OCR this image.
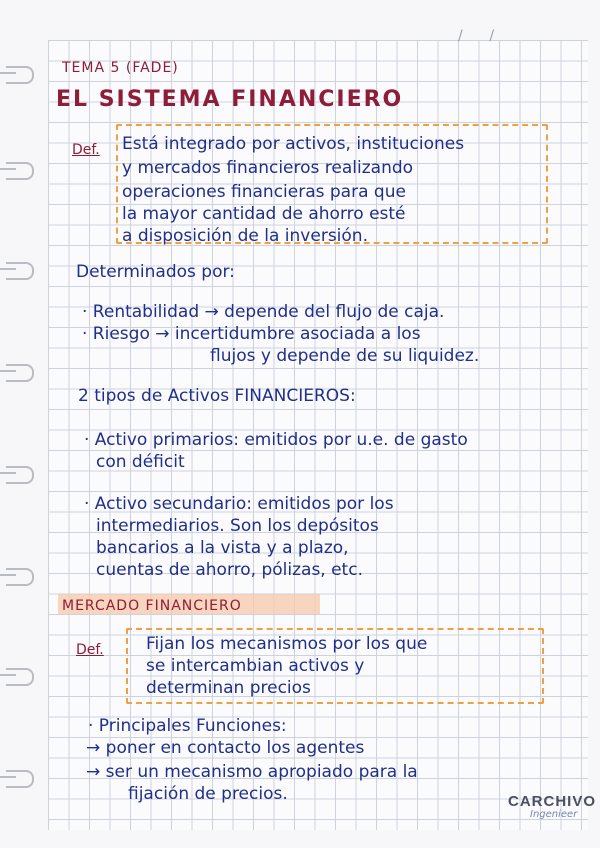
/      /
TEMA 5 (FADE)
EL SISTEMA FINANCIERO
Def. Está integrado por activos, instituciones
y mercados financieros realizando
operaciones financieras para que
la mayor cantidad de ahorro esté
a disposición de la inversión.
Determinados por:
· Rentabilidad → depende del flujo de caja.
· Riesgo → incertidumbre asociada a los
flujos y depende de su liquidez.
2 tipos de Activos FINANCIEROS:
· Activo primarios: emitidos por u.e. de gasto
con déficit
· Activo secundario: emitidos por los
intermediarios. Son los depósitos
bancarios a la vista y a plazo,
cuentas de ahorro, pólizas, etc.
MERCADO FINANCIERO
Def. Fijan los mecanismos por los que
se intercambian activos y
determinan precios
· Principales Funciones:
→ poner en contacto los agentes
→ ser un mecanismo apropiado para la
fijación de precios.	CARCHIVO
Ingenieer
